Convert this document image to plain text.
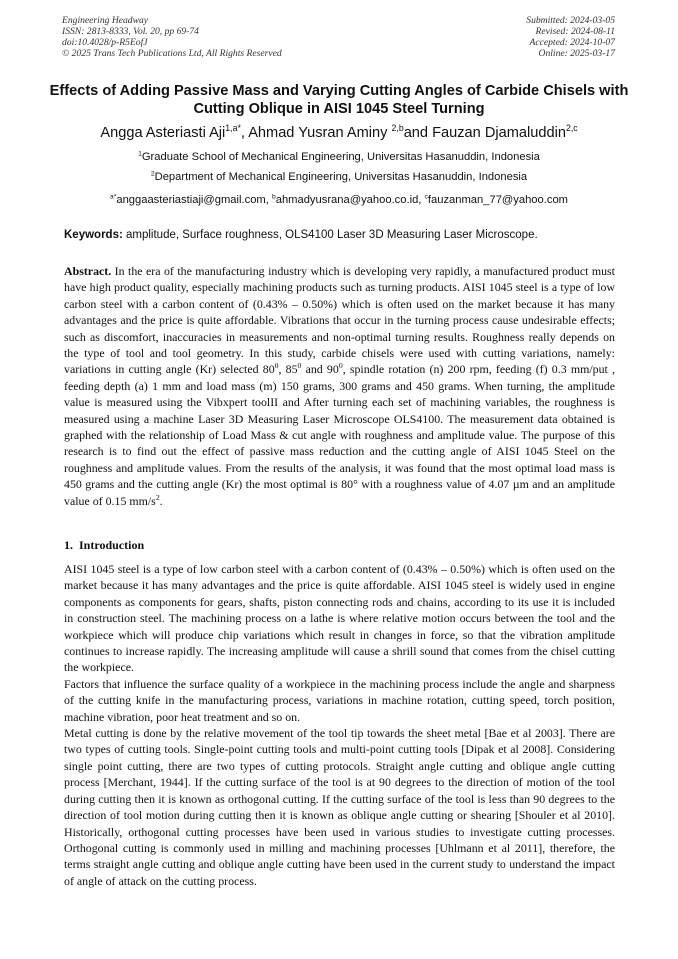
Engineering Headway
ISSN: 2813-8333, Vol. 20, pp 69-74
doi:10.4028/p-R5EofJ
© 2025 Trans Tech Publications Ltd, All Rights Reserved
Submitted: 2024-03-05
Revised: 2024-08-11
Accepted: 2024-10-07
Online: 2025-03-17
Effects of Adding Passive Mass and Varying Cutting Angles of Carbide Chisels with Cutting Oblique in AISI 1045 Steel Turning
Angga Asteriasti Aji$^{1,a*}$, Ahmad Yusran Aminy $^{2,b}$and Fauzan Djamaluddin$^{2,c}$
$^1$Graduate School of Mechanical Engineering, Universitas Hasanuddin, Indonesia
$^2$Department of Mechanical Engineering, Universitas Hasanuddin, Indonesia
$^{a*}$anggaasteriastiaji@gmail.com, $^b$ahmadyusrana@yahoo.co.id, $^c$fauzanman_77@yahoo.com
Keywords: amplitude, Surface roughness, OLS4100 Laser 3D Measuring Laser Microscope.

Abstract. In the era of the manufacturing industry which is developing very rapidly, a manufactured product must have high product quality, especially machining products such as turning products. AISI 1045 steel is a type of low carbon steel with a carbon content of (0.43% – 0.50%) which is often used on the market because it has many advantages and the price is quite affordable. Vibrations that occur in the turning process cause undesirable effects; such as discomfort, inaccuracies in measurements and non-optimal turning results. Roughness really depends on the type of tool and tool geometry. In this study, carbide chisels were used with cutting variations, namely: variations in cutting angle (Kr) selected $80^0$, $85^0$ and $90^0$, spindle rotation (n) 200 rpm, feeding (f) 0.3 mm/put , feeding depth (a) 1 mm and load mass (m) 150 grams, 300 grams and 450 grams. When turning, the amplitude value is measured using the Vibxpert toolII and After turning each set of machining variables, the roughness is measured using a machine Laser 3D Measuring Laser Microscope OLS4100. The measurement data obtained is graphed with the relationship of Load Mass & cut angle with roughness and amplitude value. The purpose of this research is to find out the effect of passive mass reduction and the cutting angle of AISI 1045 Steel on the roughness and amplitude values. From the results of the analysis, it was found that the most optimal load mass is 450 grams and the cutting angle (Kr) the most optimal is 80° with a roughness value of 4.07 µm and an amplitude value of 0.15 $mm/s^2$.

1. Introduction

AISI 1045 steel is a type of low carbon steel with a carbon content of (0.43% – 0.50%) which is often used on the market because it has many advantages and the price is quite affordable. AISI 1045 steel is widely used in engine components as components for gears, shafts, piston connecting rods and chains, according to its use it is included in construction steel. The machining process on a lathe is where relative motion occurs between the tool and the workpiece which will produce chip variations which result in changes in force, so that the vibration amplitude continues to increase rapidly. The increasing amplitude will cause a shrill sound that comes from the chisel cutting the workpiece.

Factors that influence the surface quality of a workpiece in the machining process include the angle and sharpness of the cutting knife in the manufacturing process, variations in machine rotation, cutting speed, torch position, machine vibration, poor heat treatment and so on.

Metal cutting is done by the relative movement of the tool tip towards the sheet metal [Bae et al 2003]. There are two types of cutting tools. Single-point cutting tools and multi-point cutting tools [Dipak et al 2008]. Considering single point cutting, there are two types of cutting protocols. Straight angle cutting and oblique angle cutting process [Merchant, 1944]. If the cutting surface of the tool is at 90 degrees to the direction of motion of the tool during cutting then it is known as orthogonal cutting. If the cutting surface of the tool is less than 90 degrees to the direction of tool motion during cutting then it is known as oblique angle cutting or shearing [Shouler et al 2010]. Historically, orthogonal cutting processes have been used in various studies to investigate cutting processes. Orthogonal cutting is commonly used in milling and machining processes [Uhlmann et al 2011], therefore, the terms straight angle cutting and oblique angle cutting have been used in the current study to understand the impact of angle of attack on the cutting process.
